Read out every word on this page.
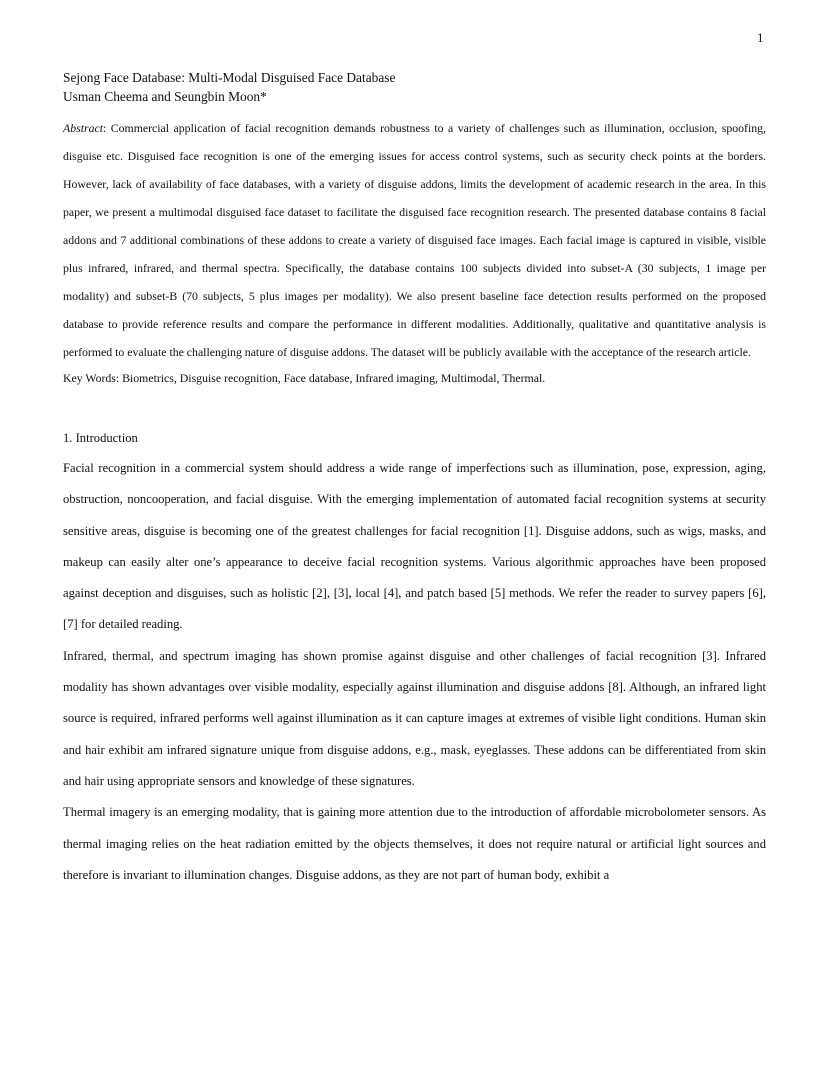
1

Sejong Face Database: Multi-Modal Disguised Face Database

Usman Cheema and Seungbin Moon*

Abstract: Commercial application of facial recognition demands robustness to a variety of challenges such as illumination, occlusion, spoofing, disguise etc. Disguised face recognition is one of the emerging issues for access control systems, such as security check points at the borders. However, lack of availability of face databases, with a variety of disguise addons, limits the development of academic research in the area. In this paper, we present a multimodal disguised face dataset to facilitate the disguised face recognition research. The presented database contains 8 facial addons and 7 additional combinations of these addons to create a variety of disguised face images. Each facial image is captured in visible, visible plus infrared, infrared, and thermal spectra. Specifically, the database contains 100 subjects divided into subset-A (30 subjects, 1 image per modality) and subset-B (70 subjects, 5 plus images per modality). We also present baseline face detection results performed on the proposed database to provide reference results and compare the performance in different modalities. Additionally, qualitative and quantitative analysis is performed to evaluate the challenging nature of disguise addons. The dataset will be publicly available with the acceptance of the research article.

Key Words: Biometrics, Disguise recognition, Face database, Infrared imaging, Multimodal, Thermal.

1. Introduction

Facial recognition in a commercial system should address a wide range of imperfections such as illumination, pose, expression, aging, obstruction, noncooperation, and facial disguise. With the emerging implementation of automated facial recognition systems at security sensitive areas, disguise is becoming one of the greatest challenges for facial recognition [1]. Disguise addons, such as wigs, masks, and makeup can easily alter one’s appearance to deceive facial recognition systems. Various algorithmic approaches have been proposed against deception and disguises, such as holistic [2], [3], local [4], and patch based [5] methods. We refer the reader to survey papers [6], [7] for detailed reading.

Infrared, thermal, and spectrum imaging has shown promise against disguise and other challenges of facial recognition [3]. Infrared modality has shown advantages over visible modality, especially against illumination and disguise addons [8]. Although, an infrared light source is required, infrared performs well against illumination as it can capture images at extremes of visible light conditions. Human skin and hair exhibit am infrared signature unique from disguise addons, e.g., mask, eyeglasses. These addons can be differentiated from skin and hair using appropriate sensors and knowledge of these signatures.

Thermal imagery is an emerging modality, that is gaining more attention due to the introduction of affordable microbolometer sensors. As thermal imaging relies on the heat radiation emitted by the objects themselves, it does not require natural or artificial light sources and therefore is invariant to illumination changes. Disguise addons, as they are not part of human body, exhibit a
